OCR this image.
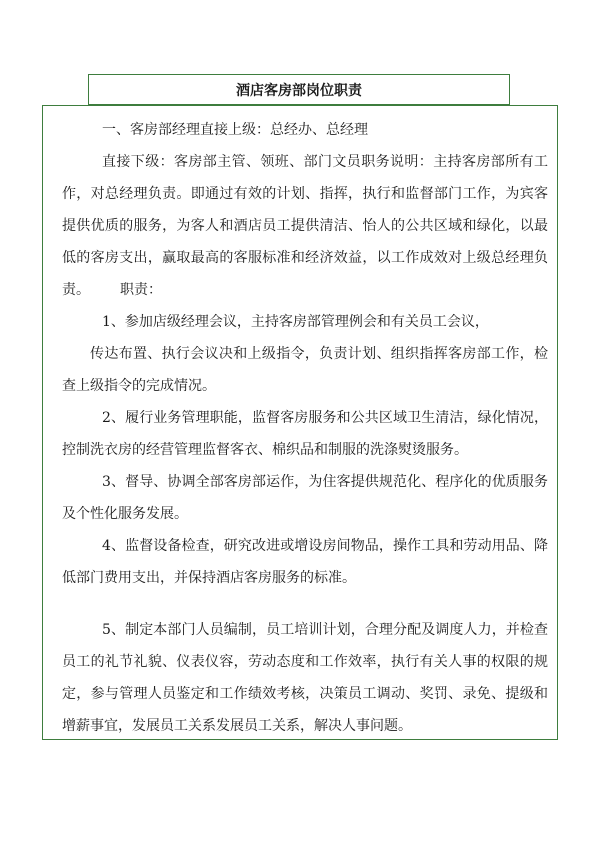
酒店客房部岗位职责
一、客房部经理直接上级：总经办、总经理
直接下级：客房部主管、领班、部门文员职务说明：主持客房部所有工作，对总经理负责。即通过有效的计划、指挥，执行和监督部门工作，为宾客提供优质的服务，为客人和酒店员工提供清洁、怡人的公共区域和绿化，以最低的客房支出，赢取最高的客服标准和经济效益，以工作成效对上级总经理负责。	职责：
1、参加店级经理会议，主持客房部管理例会和有关员工会议，
传达布置、执行会议决和上级指令，负责计划、组织指挥客房部工作，检查上级指令的完成情况。
2、履行业务管理职能，监督客房服务和公共区域卫生清洁，绿化情况，控制洗衣房的经营管理监督客衣、棉织品和制服的洗涤熨烫服务。
3、督导、协调全部客房部运作，为住客提供规范化、程序化的优质服务及个性化服务发展。
4、监督设备检查，研究改进或增设房间物品，操作工具和劳动用品、降低部门费用支出，并保持酒店客房服务的标准。
5、制定本部门人员编制，员工培训计划，合理分配及调度人力，并检查员工的礼节礼貌、仪表仪容，劳动态度和工作效率，执行有关人事的权限的规定，参与管理人员鉴定和工作绩效考核，决策员工调动、奖罚、录免、提级和增薪事宜，发展员工关系发展员工关系，解决人事问题。
